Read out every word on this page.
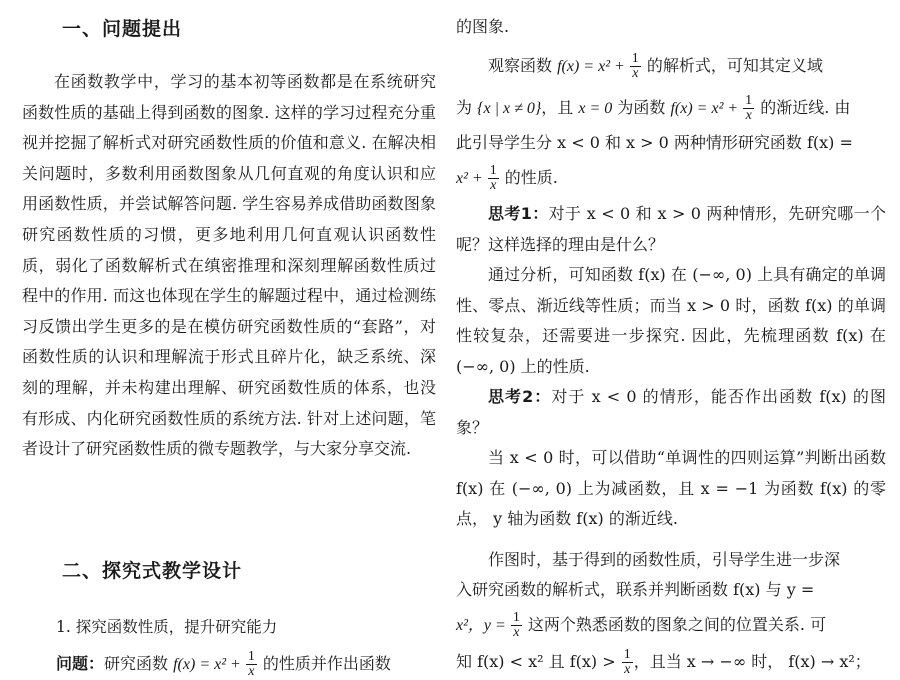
一、问题提出

在函数教学中，学习的基本初等函数都是在系统研究函数性质的基础上得到函数的图象. 这样的学习过程充分重视并挖掘了解析式对研究函数性质的价值和意义. 在解决相关问题时，多数利用函数图象从几何直观的角度认识和应用函数性质，并尝试解答问题. 学生容易养成借助函数图象研究函数性质的习惯，更多地利用几何直观认识函数性质，弱化了函数解析式在缜密推理和深刻理解函数性质过程中的作用. 而这也体现在学生的解题过程中，通过检测练习反馈出学生更多的是在模仿研究函数性质的“套路”，对函数性质的认识和理解流于形式且碎片化，缺乏系统、深刻的理解，并未构建出理解、研究函数性质的体系，也没有形成、内化研究函数性质的系统方法. 针对上述问题，笔者设计了研究函数性质的微专题教学，与大家分享交流.

二、探究式教学设计
1. 探究函数性质，提升研究能力
问题：研究函数 $f(x) = x^2 + \frac{1}{x}$ 的性质并作出函数
的图象.
观察函数 $f(x) = x^2 + \frac{1}{x}$ 的解析式，可知其定义域
为 {x | x ≠ 0}，且 x = 0 为函数 $f(x) = x^2 + \frac{1}{x}$ 的渐近线. 由
此引导学生分 x < 0 和 x > 0 两种情形研究函数 f(x) =
$x^2 + \frac{1}{x}$ 的性质.

思考1：对于 x < 0 和 x > 0 两种情形，先研究哪一个呢？这样选择的理由是什么？

通过分析，可知函数 f(x) 在 (−∞, 0) 上具有确定的单调性、零点、渐近线等性质；而当 x > 0 时，函数 f(x) 的单调性较复杂，还需要进一步探究. 因此，先梳理函数 f(x) 在 (−∞, 0) 上的性质.

思考2：对于 x < 0 的情形，能否作出函数 f(x) 的图象？

当 x < 0 时，可以借助“单调性的四则运算”判断出函数 f(x) 在 (−∞, 0) 上为减函数，且 x = −1 为函数 f(x) 的零点， y 轴为函数 f(x) 的渐近线.

作图时，基于得到的函数性质，引导学生进一步深
入研究函数的解析式，联系并判断函数 f(x) 与 y =
x²，$y = \frac{1}{x}$ 这两个熟悉函数的图象之间的位置关系. 可
知 f(x) < x² 且 $f(x) > \frac{1}{x}$ ，且当 x → −∞ 时， f(x) → x²；
